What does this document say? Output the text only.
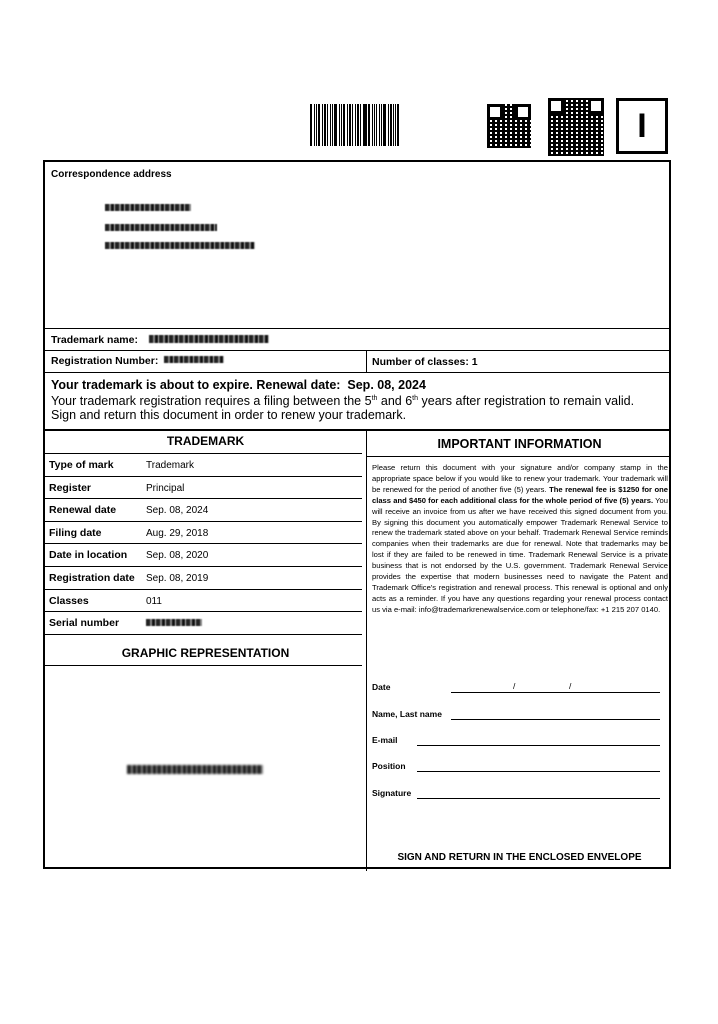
I
Correspondence address
Trademark name:
Registration Number:	Number of classes: 1
Your trademark is about to expire. Renewal date: Sep. 08, 2024
Your trademark registration requires a filing between the 5th and 6th years after registration to remain valid.
Sign and return this document in order to renew your trademark.
TRADEMARK
Type of mark	Trademark
Register	Principal
Renewal date	Sep. 08, 2024
Filing date	Aug. 29, 2018
Date in location Sep. 08, 2020
Registration date Sep. 08, 2019
Classes	011
Serial number
GRAPHIC REPRESENTATION
IMPORTANT INFORMATION
Please return this document with your signature and/or company stamp in the appropriate space below if you would like to renew your trademark. Your trademark will be renewed for the period of another five (5) years. The renewal fee is $1250 for one class and $450 for each additional class for the whole period of five (5) years. You will receive an invoice from us after we have received this signed document from you. By signing this document you automatically empower Trademark Renewal Service to renew the trademark stated above on your behalf. Trademark Renewal Service reminds companies when their trademarks are due for renewal. Note that trademarks may be lost if they are failed to be renewed in time. Trademark Renewal Service is a private business that is not endorsed by the U.S. government. Trademark Renewal Service provides the expertise that modern businesses need to navigate the Patent and Trademark Office's registration and renewal process. This renewal is optional and only acts as a reminder. If you have any questions regarding your renewal process contact us via e-mail: info@trademarkrenewalservice.com or telephone/fax: +1 215 207 0140.
Date
Name, Last name
E-mail
Position
Signature
/	/
SIGN AND RETURN IN THE ENCLOSED ENVELOPE
